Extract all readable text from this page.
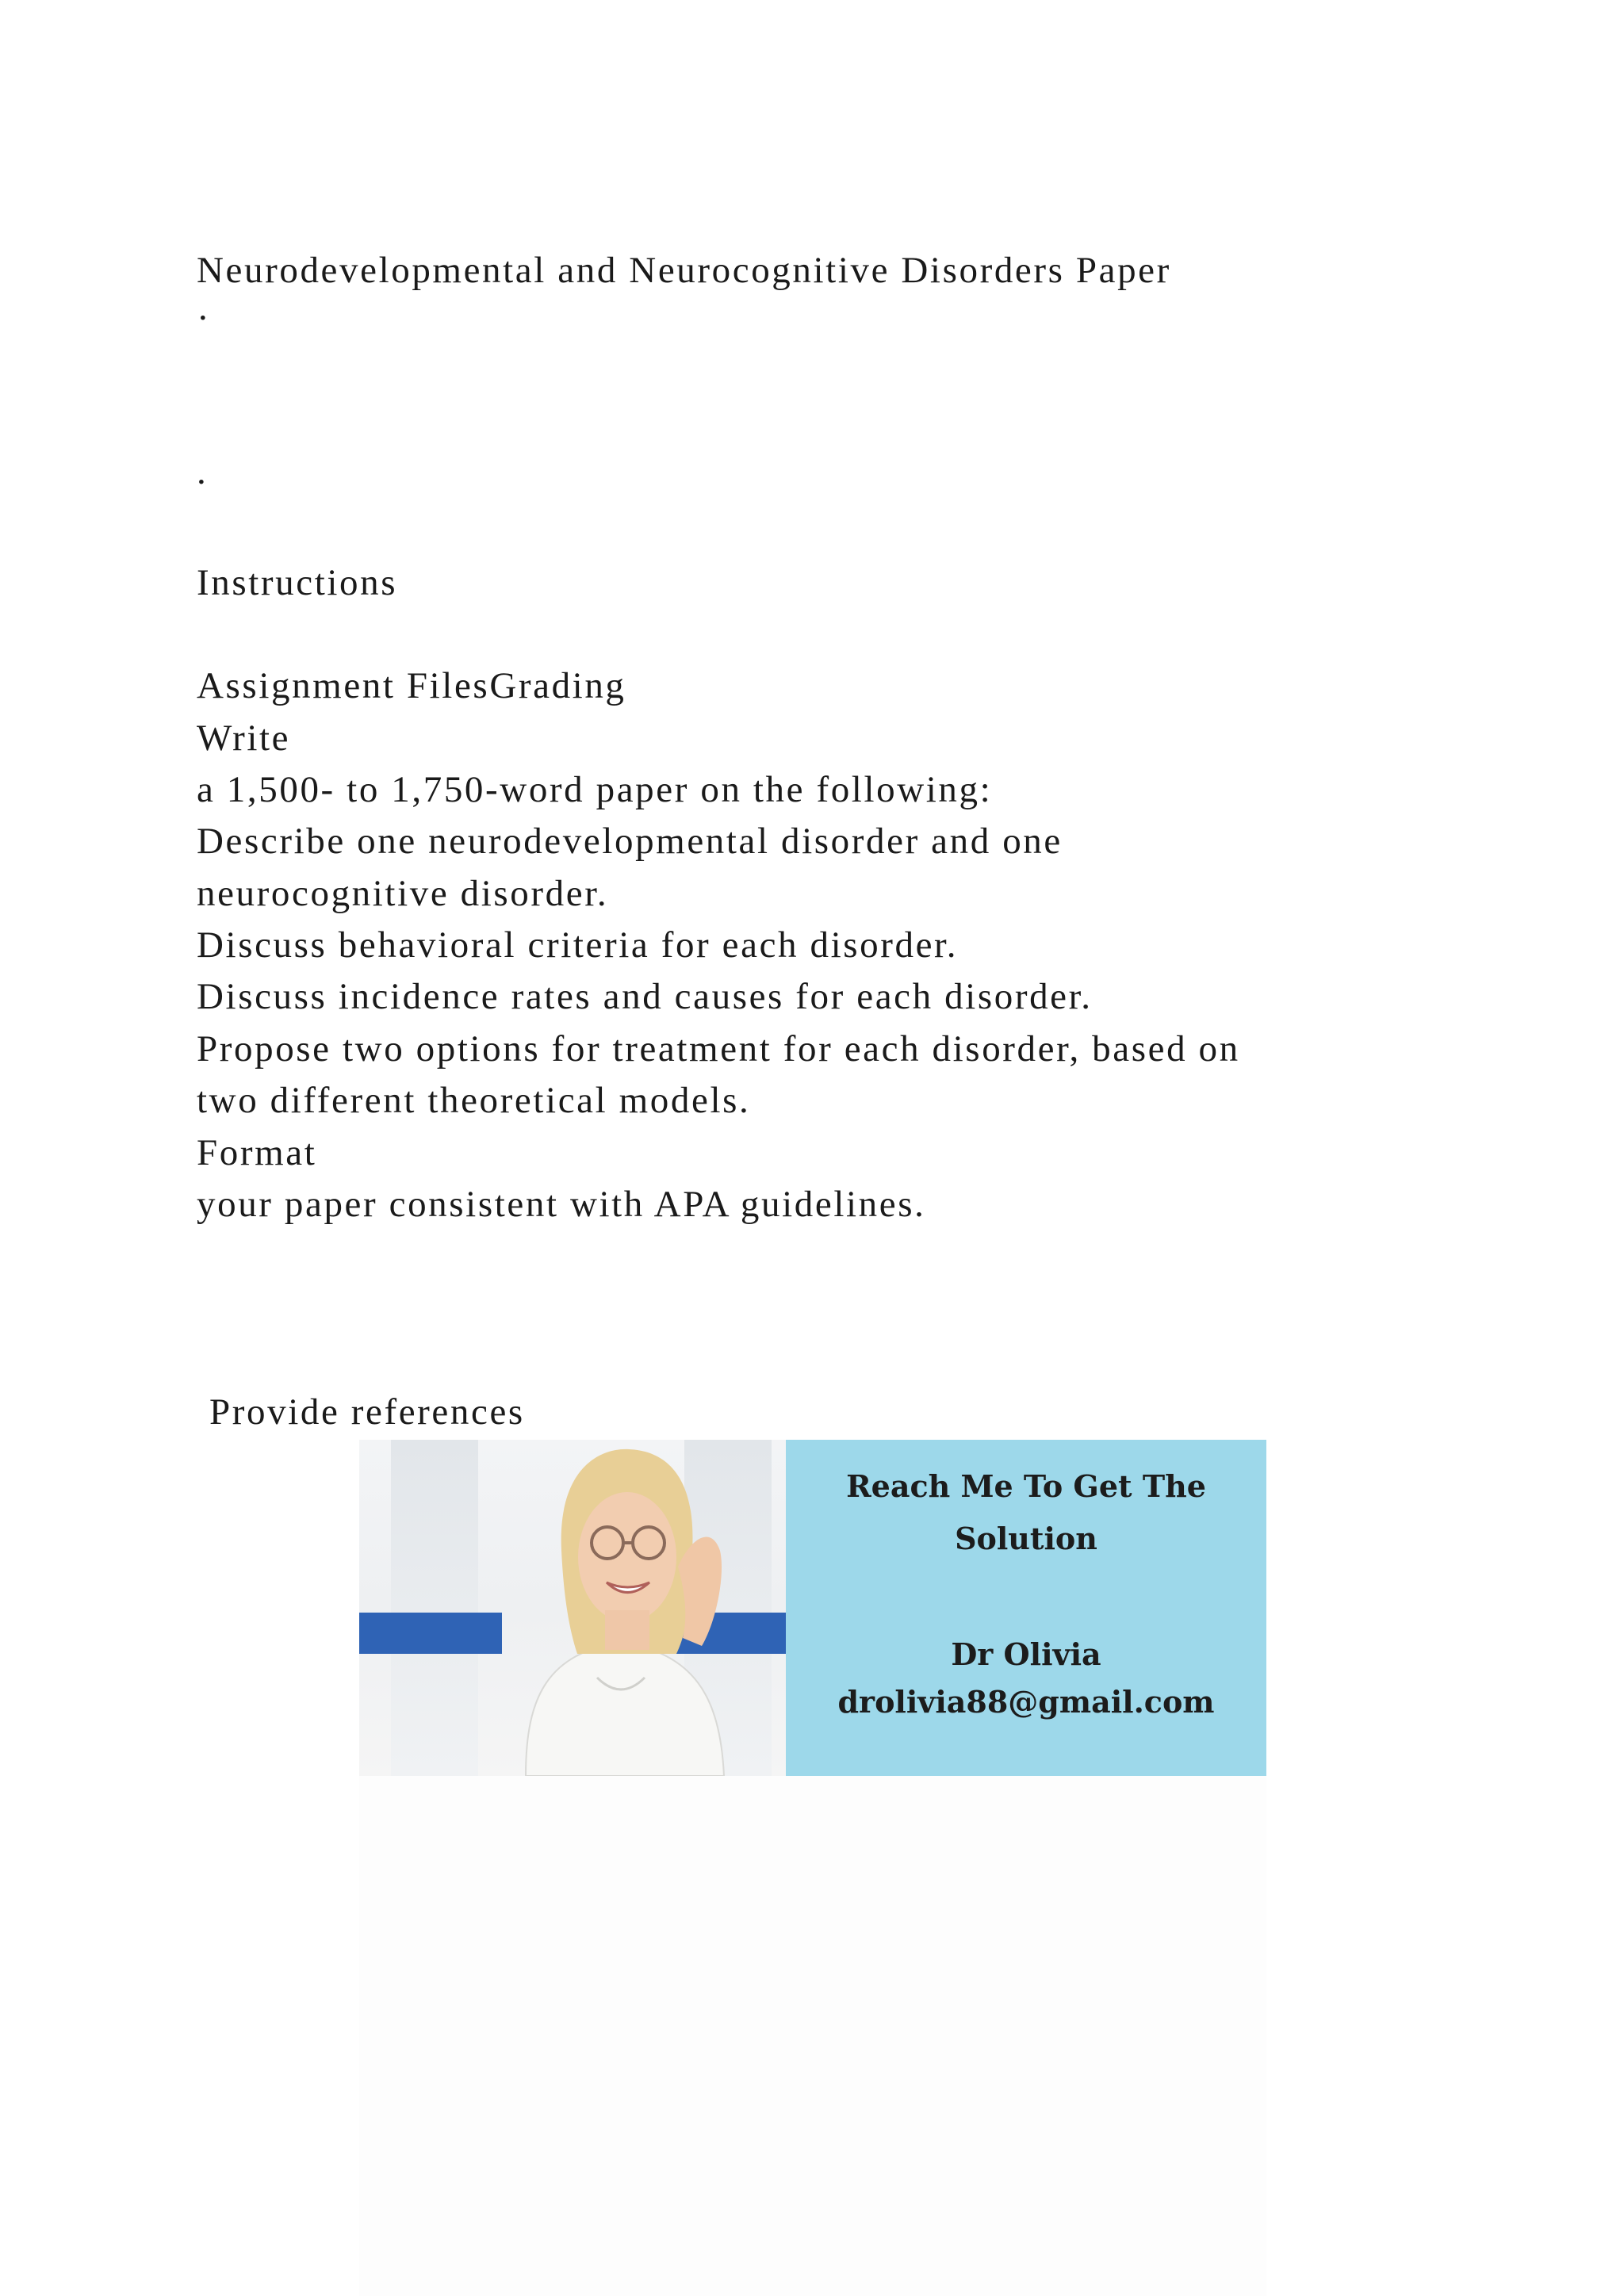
Neurodevelopmental and Neurocognitive Disorders Paper
·
.
Instructions
Assignment FilesGrading
Write
a 1,500- to 1,750-word paper on the following:
Describe one neurodevelopmental disorder and one
neurocognitive disorder.
Discuss behavioral criteria for each disorder.
Discuss incidence rates and causes for each disorder.
Propose two options for treatment for each disorder, based on
two different theoretical models.
Format
your paper consistent with APA guidelines.
Provide references
Reach Me To Get The
Solution
Dr Olivia
drolivia88@gmail.com
